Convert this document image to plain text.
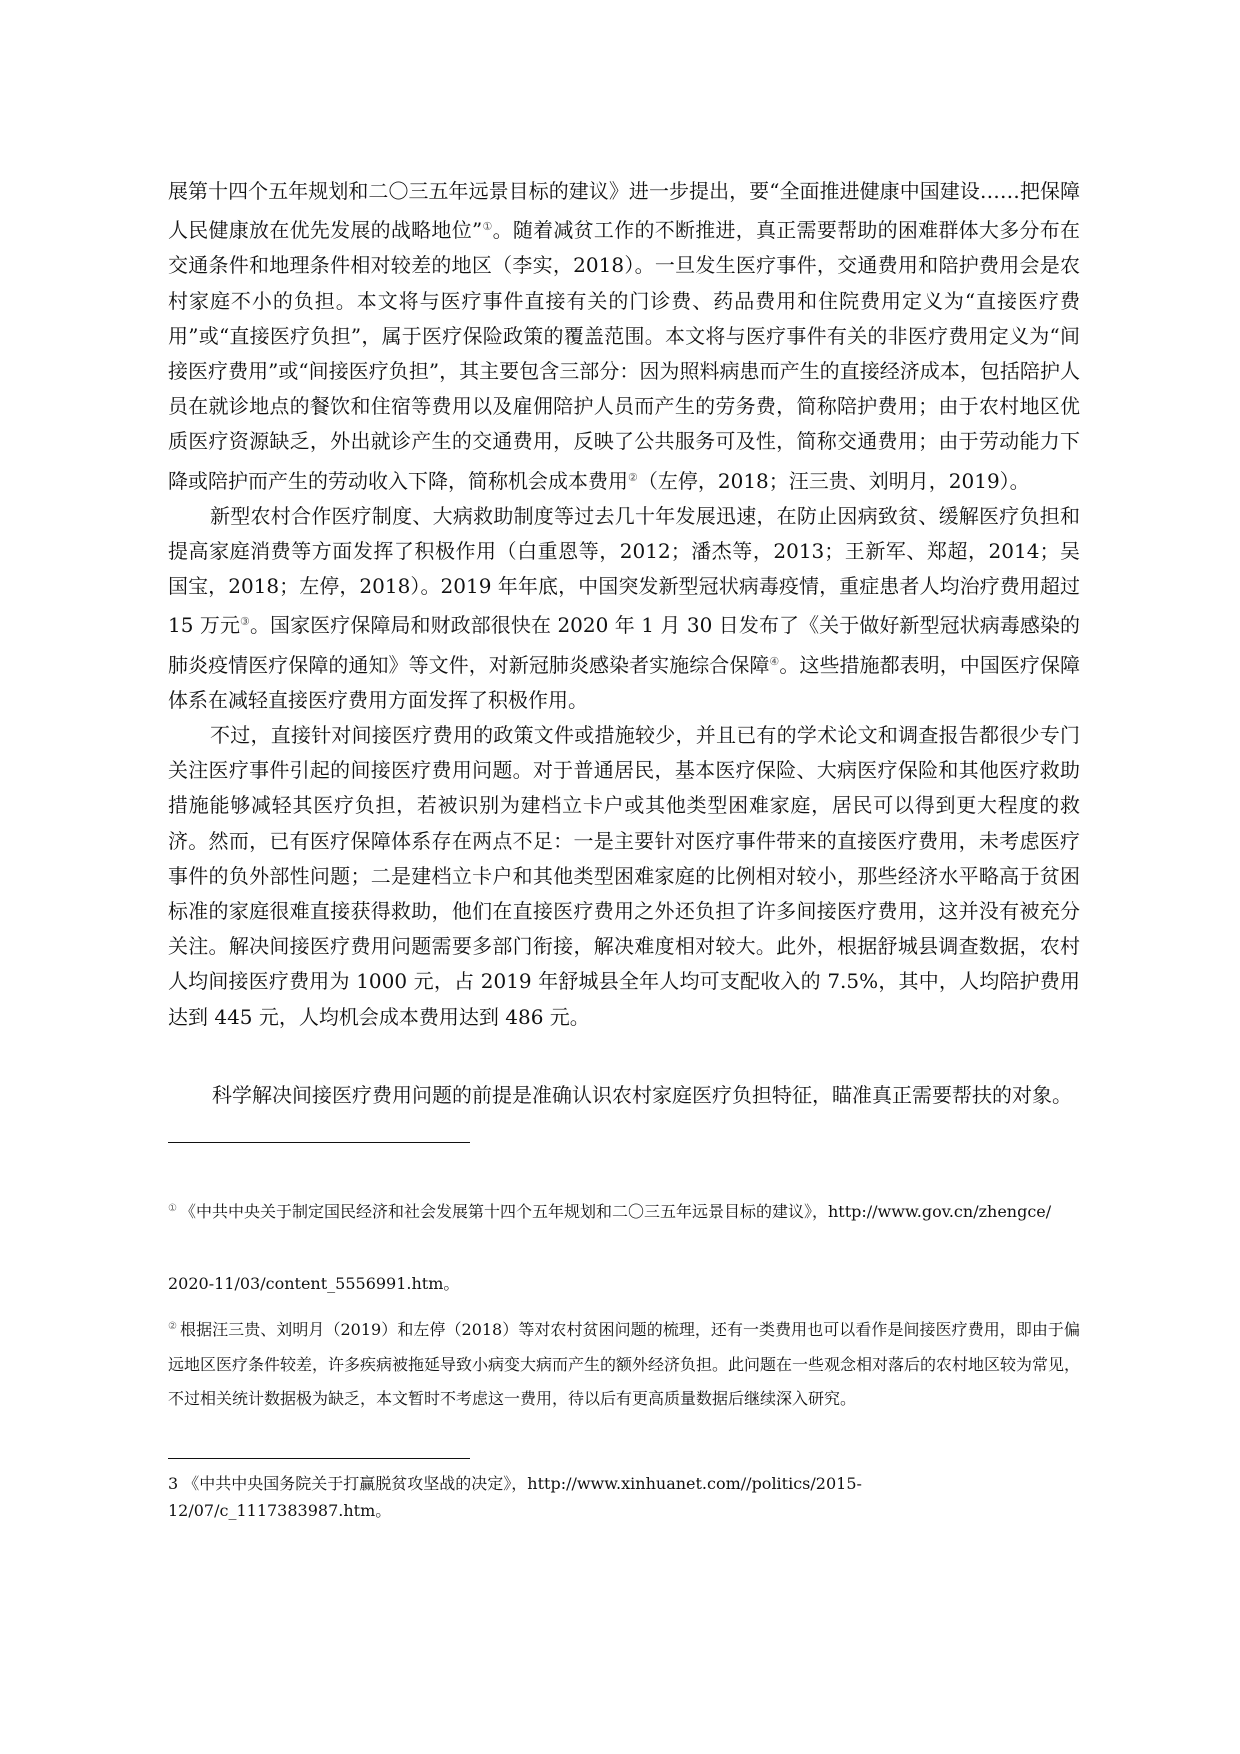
展第十四个五年规划和二〇三五年远景目标的建议》进一步提出，要“全面推进健康中国建设……把保障人民健康放在优先发展的战略地位”①。随着减贫工作的不断推进，真正需要帮助的困难群体大多分布在交通条件和地理条件相对较差的地区（李实，2018）。一旦发生医疗事件，交通费用和陪护费用会是农村家庭不小的负担。本文将与医疗事件直接有关的门诊费、药品费用和住院费用定义为“直接医疗费用”或“直接医疗负担”，属于医疗保险政策的覆盖范围。本文将与医疗事件有关的非医疗费用定义为“间接医疗费用”或“间接医疗负担”，其主要包含三部分：因为照料病患而产生的直接经济成本，包括陪护人员在就诊地点的餐饮和住宿等费用以及雇佣陪护人员而产生的劳务费，简称陪护费用；由于农村地区优质医疗资源缺乏，外出就诊产生的交通费用，反映了公共服务可及性，简称交通费用；由于劳动能力下降或陪护而产生的劳动收入下降，简称机会成本费用②（左停，2018；汪三贵、刘明月，2019）。

新型农村合作医疗制度、大病救助制度等过去几十年发展迅速，在防止因病致贫、缓解医疗负担和提高家庭消费等方面发挥了积极作用（白重恩等，2012；潘杰等，2013；王新军、郑超，2014；吴国宝，2018；左停，2018）。2019 年年底，中国突发新型冠状病毒疫情，重症患者人均治疗费用超过 15 万元③。国家医疗保障局和财政部很快在 2020 年 1 月 30 日发布了《关于做好新型冠状病毒感染的肺炎疫情医疗保障的通知》等文件，对新冠肺炎感染者实施综合保障④。这些措施都表明，中国医疗保障体系在减轻直接医疗费用方面发挥了积极作用。

不过，直接针对间接医疗费用的政策文件或措施较少，并且已有的学术论文和调查报告都很少专门关注医疗事件引起的间接医疗费用问题。对于普通居民，基本医疗保险、大病医疗保险和其他医疗救助措施能够减轻其医疗负担，若被识别为建档立卡户或其他类型困难家庭，居民可以得到更大程度的救济。然而，已有医疗保障体系存在两点不足：一是主要针对医疗事件带来的直接医疗费用，未考虑医疗事件的负外部性问题；二是建档立卡户和其他类型困难家庭的比例相对较小，那些经济水平略高于贫困标准的家庭很难直接获得救助，他们在直接医疗费用之外还负担了许多间接医疗费用，这并没有被充分关注。解决间接医疗费用问题需要多部门衔接，解决难度相对较大。此外，根据舒城县调查数据，农村人均间接医疗费用为 1000 元，占 2019 年舒城县全年人均可支配收入的 7.5%，其中，人均陪护费用达到 445 元，人均机会成本费用达到 486 元。

科学解决间接医疗费用问题的前提是准确认识农村家庭医疗负担特征，瞄准真正需要帮扶的对象。
① 《中共中央关于制定国民经济和社会发展第十四个五年规划和二〇三五年远景目标的建议》，http://www.gov.cn/zhengce/
2020-11/03/content_5556991.htm。
② 根据汪三贵、刘明月（2019）和左停（2018）等对农村贫困问题的梳理，还有一类费用也可以看作是间接医疗费用，即由于偏远地区医疗条件较差，许多疾病被拖延导致小病变大病而产生的额外经济负担。此问题在一些观念相对落后的农村地区较为常见，不过相关统计数据极为缺乏，本文暂时不考虑这一费用，待以后有更高质量数据后继续深入研究。
3 《中共中央国务院关于打赢脱贫攻坚战的决定》，http://www.xinhuanet.com//politics/2015-12/07/c_1117383987.htm。
